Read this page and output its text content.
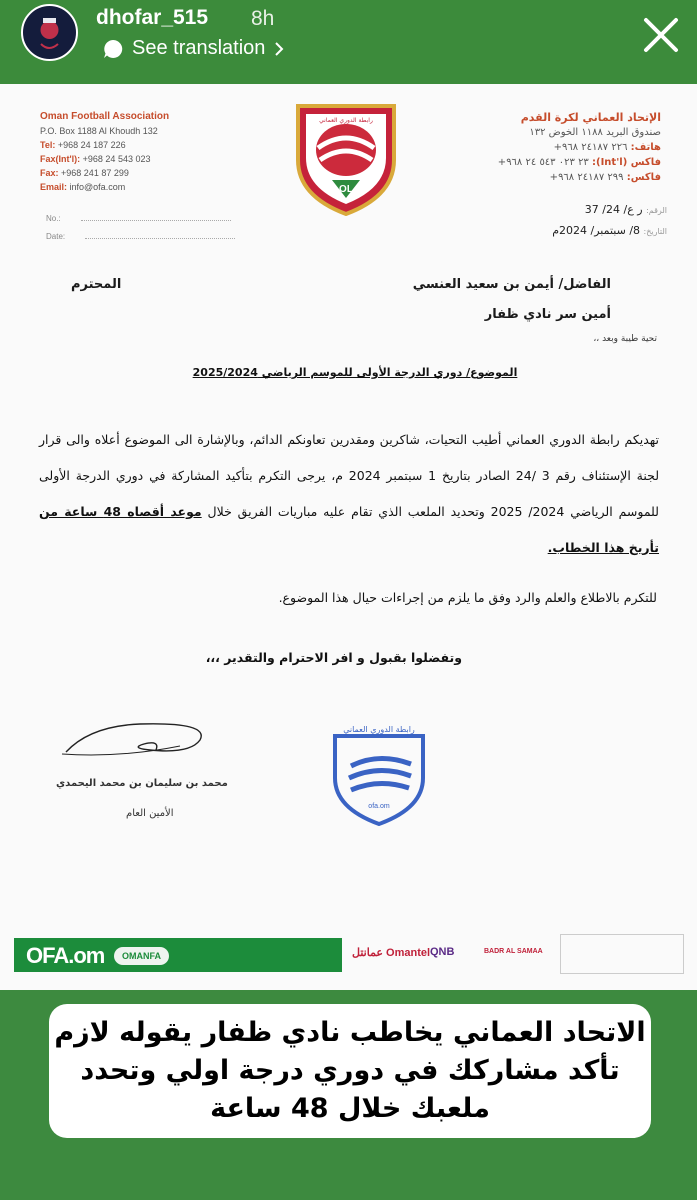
dhofar_515 8h
See translation
Oman Football Association
P.O. Box 1188 Al Khoudh 132
Tel: +968 24 187 226
Fax(Int'l): +968 24 543 023
Fax: +968 241 87 299
Email: info@ofa.com
الإتحاد العماني لكرة القدم
صندوق البريد ١١٨٨ الخوض ١٣٢
هاتف: ٢٢٦ ٢٤١٨٧ ٩٦٨+
فاكس (Int'l): ٢٣ ٠٢٣ ٥٤٣ ٢٤ ٩٦٨+
فاكس: ٢٩٩ ٢٤١٨٧ ٩٦٨+
OL
رابطة الدوري العماني
No.:
Date:
الرقم: ر ع/ 24/ 37
التاريخ: 8/ سبتمبر/ 2024م
الفاضل/ أيمن بن سعيد العنسي
أمين سر نادي ظفار
المحترم
تحية طيبة وبعد ،،
الموضوع/ دوري الدرجة الأولى للموسم الرياضي 2025/2024
تهديكم رابطة الدوري العماني أطيب التحيات، شاكرين ومقدرين تعاونكم الدائم، وبالإشارة الى الموضوع أعلاه والى قرار لجنة الإستئناف رقم 3 /24 الصادر بتاريخ 1 سبتمبر 2024 م، يرجى التكرم بتأكيد المشاركة في دوري الدرجة الأولى للموسم الرياضي 2024/ 2025 وتحديد الملعب الذي تقام عليه مباريات الفريق خلال موعد أقصاه 48 ساعة من تأريخ هذا الخطاب.
للتكرم بالاطلاع والعلم والرد وفق ما يلزم من إجراءات حيال هذا الموضوع.
وتفضلوا بقبول و افر الاحترام والتقدير ،،،
محمد بن سليمان بن محمد اليحمدي
الأمين العام
رابطة الدوري العماني
ofa.om
OFA.om	OMANFA	عمانتل Omantel QNB	BADR AL SAMAA
الاتحاد العماني يخاطب نادي ظفار يقوله لازم تأكد مشاركك في دوري درجة اولي وتحدد ملعبك خلال 48 ساعة
